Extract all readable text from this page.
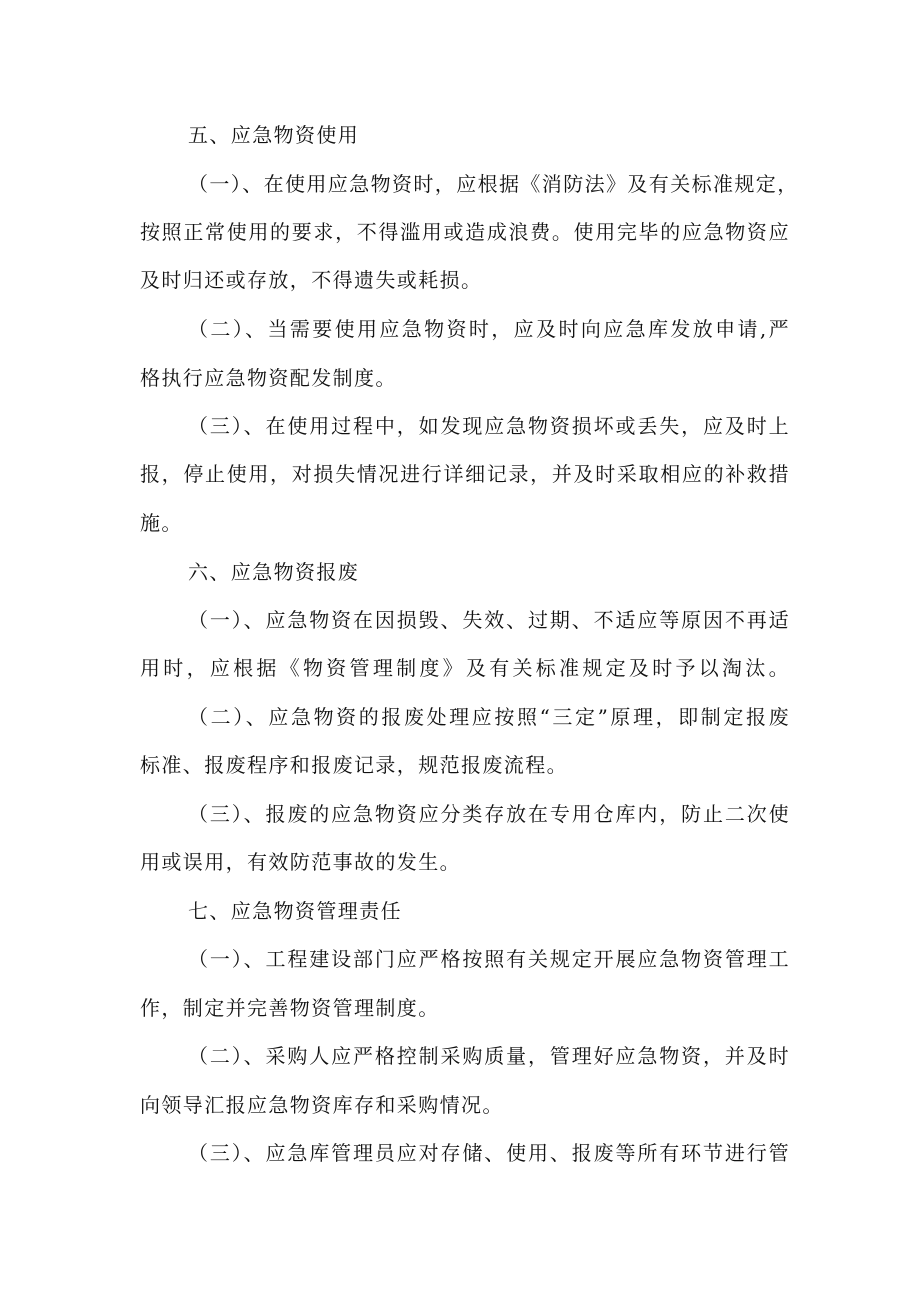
五、应急物资使用
（一）、在使用应急物资时，应根据《消防法》及有关标准规定，
按照正常使用的要求，不得滥用或造成浪费。使用完毕的应急物资应
及时归还或存放，不得遗失或耗损。
（二）、当需要使用应急物资时，应及时向应急库发放申请,严
格执行应急物资配发制度。
（三）、在使用过程中，如发现应急物资损坏或丢失，应及时上
报，停止使用，对损失情况进行详细记录，并及时采取相应的补救措
施。
六、应急物资报废
（一）、应急物资在因损毁、失效、过期、不适应等原因不再适
用时，应根据《物资管理制度》及有关标准规定及时予以淘汰。
（二）、应急物资的报废处理应按照“三定”原理，即制定报废
标准、报废程序和报废记录，规范报废流程。
（三）、报废的应急物资应分类存放在专用仓库内，防止二次使
用或误用，有效防范事故的发生。
七、应急物资管理责任
（一）、工程建设部门应严格按照有关规定开展应急物资管理工
作，制定并完善物资管理制度。
（二）、采购人应严格控制采购质量，管理好应急物资，并及时
向领导汇报应急物资库存和采购情况。
（三）、应急库管理员应对存储、使用、报废等所有环节进行管
